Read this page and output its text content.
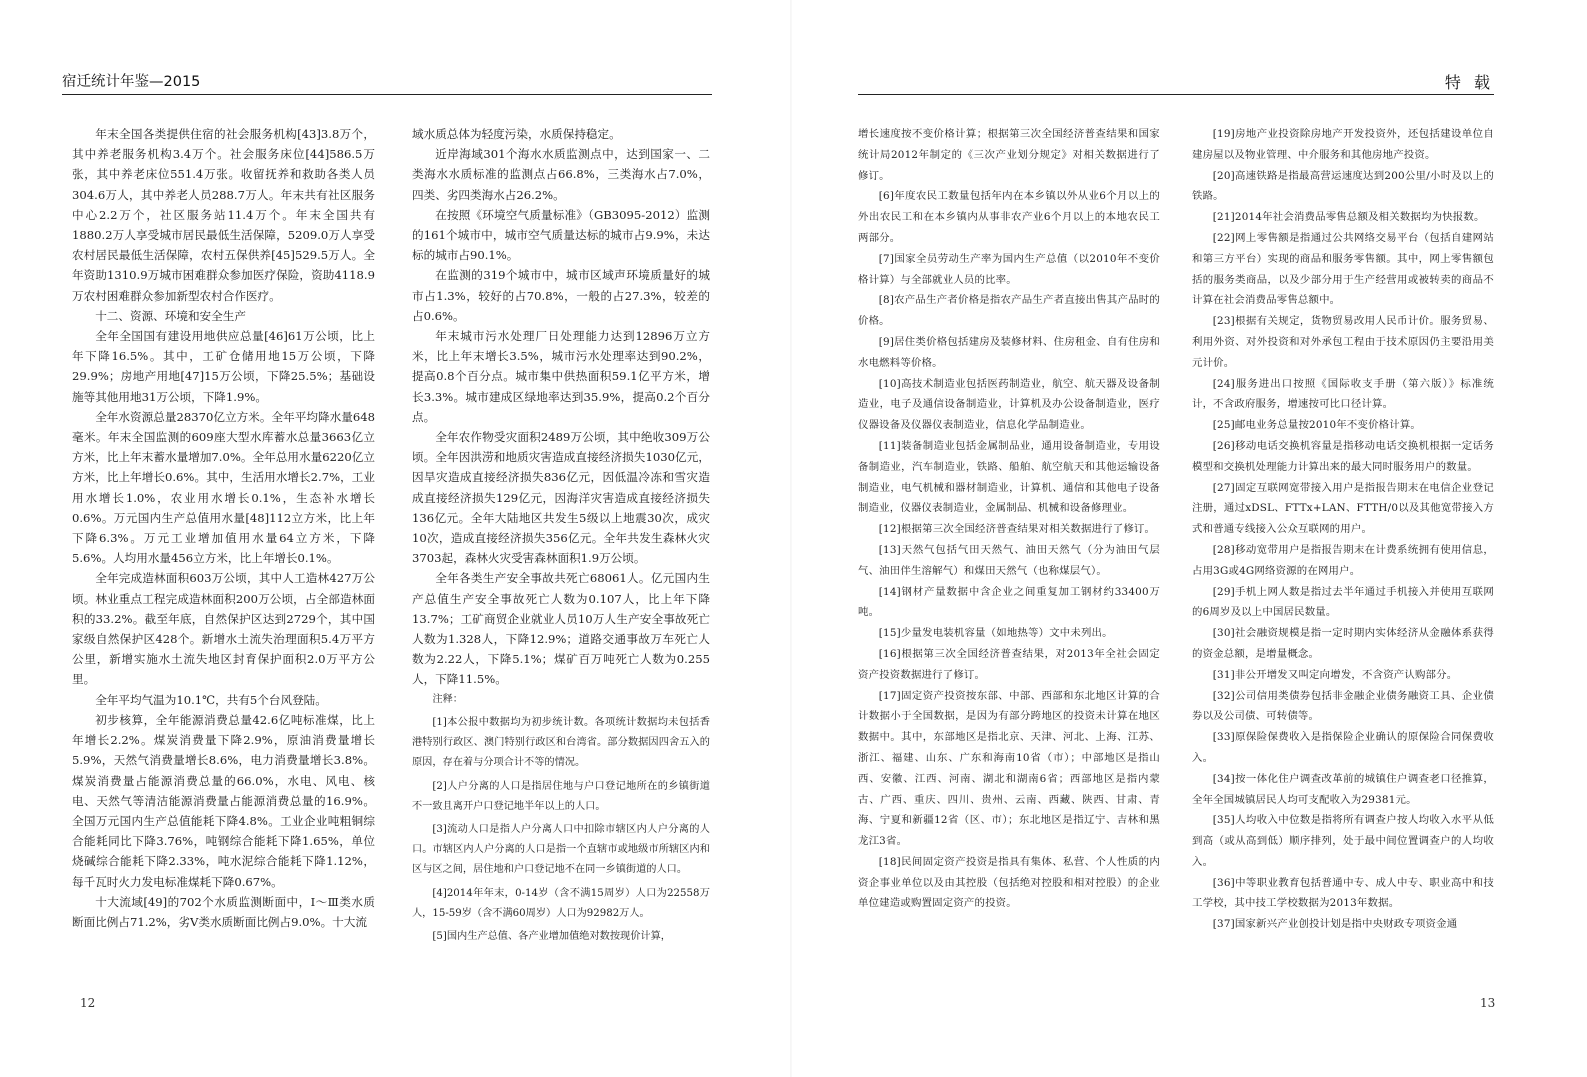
宿迁统计年鉴—2015

年末全国各类提供住宿的社会服务机构[43]3.8万个，其中养老服务机构3.4万个。社会服务床位[44]586.5万张，其中养老床位551.4万张。收留抚养和救助各类人员304.6万人，其中养老人员288.7万人。年末共有社区服务中心2.2万个，社区服务站11.4万个。年末全国共有1880.2万人享受城市居民最低生活保障，5209.0万人享受农村居民最低生活保障，农村五保供养[45]529.5万人。全年资助1310.9万城市困难群众参加医疗保险，资助4118.9万农村困难群众参加新型农村合作医疗。

十二、资源、环境和安全生产

全年全国国有建设用地供应总量[46]61万公顷，比上年下降16.5%。其中，工矿仓储用地15万公顷，下降29.9%；房地产用地[47]15万公顷，下降25.5%；基础设施等其他用地31万公顷，下降1.9%。

全年水资源总量28370亿立方米。全年平均降水量648毫米。年末全国监测的609座大型水库蓄水总量3663亿立方米，比上年末蓄水量增加7.0%。全年总用水量6220亿立方米，比上年增长0.6%。其中，生活用水增长2.7%，工业用水增长1.0%，农业用水增长0.1%，生态补水增长0.6%。万元国内生产总值用水量[48]112立方米，比上年下降6.3%。万元工业增加值用水量64立方米，下降5.6%。人均用水量456立方米，比上年增长0.1%。

全年完成造林面积603万公顷，其中人工造林427万公顷。林业重点工程完成造林面积200万公顷，占全部造林面积的33.2%。截至年底，自然保护区达到2729个，其中国家级自然保护区428个。新增水土流失治理面积5.4万平方公里，新增实施水土流失地区封育保护面积2.0万平方公里。

全年平均气温为10.1℃，共有5个台风登陆。

初步核算，全年能源消费总量42.6亿吨标准煤，比上年增长2.2%。煤炭消费量下降2.9%，原油消费量增长5.9%，天然气消费量增长8.6%，电力消费量增长3.8%。煤炭消费量占能源消费总量的66.0%，水电、风电、核电、天然气等清洁能源消费量占能源消费总量的16.9%。全国万元国内生产总值能耗下降4.8%。工业企业吨粗铜综合能耗同比下降3.76%，吨钢综合能耗下降1.65%，单位烧碱综合能耗下降2.33%，吨水泥综合能耗下降1.12%，每千瓦时火力发电标准煤耗下降0.67%。

十大流域[49]的702个水质监测断面中，Ⅰ～Ⅲ类水质断面比例占71.2%，劣Ⅴ类水质断面比例占9.0%。十大流

域水质总体为轻度污染，水质保持稳定。

近岸海域301个海水水质监测点中，达到国家一、二类海水水质标准的监测点占66.8%，三类海水占7.0%，四类、劣四类海水占26.2%。

在按照《环境空气质量标准》（GB3095-2012）监测的161个城市中，城市空气质量达标的城市占9.9%，未达标的城市占90.1%。

在监测的319个城市中，城市区域声环境质量好的城市占1.3%，较好的占70.8%，一般的占27.3%，较差的占0.6%。

年末城市污水处理厂日处理能力达到12896万立方米，比上年末增长3.5%，城市污水处理率达到90.2%，提高0.8个百分点。城市集中供热面积59.1亿平方米，增长3.3%。城市建成区绿地率达到35.9%，提高0.2个百分点。

全年农作物受灾面积2489万公顷，其中绝收309万公顷。全年因洪涝和地质灾害造成直接经济损失1030亿元，因旱灾造成直接经济损失836亿元，因低温冷冻和雪灾造成直接经济损失129亿元，因海洋灾害造成直接经济损失136亿元。全年大陆地区共发生5级以上地震30次，成灾10次，造成直接经济损失356亿元。全年共发生森林火灾3703起，森林火灾受害森林面积1.9万公顷。

全年各类生产安全事故共死亡68061人。亿元国内生产总值生产安全事故死亡人数为0.107人，比上年下降13.7%；工矿商贸企业就业人员10万人生产安全事故死亡人数为1.328人，下降12.9%；道路交通事故万车死亡人数为2.22人，下降5.1%；煤矿百万吨死亡人数为0.255人，下降11.5%。

注释：

[1]本公报中数据均为初步统计数。各项统计数据均未包括香港特别行政区、澳门特别行政区和台湾省。部分数据因四舍五入的原因，存在着与分项合计不等的情况。

[2]人户分离的人口是指居住地与户口登记地所在的乡镇街道不一致且离开户口登记地半年以上的人口。

[3]流动人口是指人户分离人口中扣除市辖区内人户分离的人口。市辖区内人户分离的人口是指一个直辖市或地级市所辖区内和区与区之间，居住地和户口登记地不在同一乡镇街道的人口。

[4]2014年年末，0-14岁（含不满15周岁）人口为22558万人，15-59岁（含不满60周岁）人口为92982万人。

[5]国内生产总值、各产业增加值绝对数按现价计算，

12
特 载

增长速度按不变价格计算；根据第三次全国经济普查结果和国家统计局2012年制定的《三次产业划分规定》对相关数据进行了修订。

[6]年度农民工数量包括年内在本乡镇以外从业6个月以上的外出农民工和在本乡镇内从事非农产业6个月以上的本地农民工两部分。

[7]国家全员劳动生产率为国内生产总值（以2010年不变价格计算）与全部就业人员的比率。

[8]农产品生产者价格是指农产品生产者直接出售其产品时的价格。

[9]居住类价格包括建房及装修材料、住房租金、自有住房和水电燃料等价格。

[10]高技术制造业包括医药制造业，航空、航天器及设备制造业，电子及通信设备制造业，计算机及办公设备制造业，医疗仪器设备及仪器仪表制造业，信息化学品制造业。

[11]装备制造业包括金属制品业，通用设备制造业，专用设备制造业，汽车制造业，铁路、船舶、航空航天和其他运输设备制造业，电气机械和器材制造业，计算机、通信和其他电子设备制造业，仪器仪表制造业，金属制品、机械和设备修理业。

[12]根据第三次全国经济普查结果对相关数据进行了修订。

[13]天然气包括气田天然气、油田天然气（分为油田气层气、油田伴生溶解气）和煤田天然气（也称煤层气）。

[14]钢材产量数据中含企业之间重复加工钢材约33400万吨。

[15]少量发电装机容量（如地热等）文中未列出。

[16]根据第三次全国经济普查结果，对2013年全社会固定资产投资数据进行了修订。

[17]固定资产投资按东部、中部、西部和东北地区计算的合计数据小于全国数据，是因为有部分跨地区的投资未计算在地区数据中。其中，东部地区是指北京、天津、河北、上海、江苏、浙江、福建、山东、广东和海南10省（市）；中部地区是指山西、安徽、江西、河南、湖北和湖南6省；西部地区是指内蒙古、广西、重庆、四川、贵州、云南、西藏、陕西、甘肃、青海、宁夏和新疆12省（区、市）；东北地区是指辽宁、吉林和黑龙江3省。

[18]民间固定资产投资是指具有集体、私营、个人性质的内资企事业单位以及由其控股（包括绝对控股和相对控股）的企业单位建造或购置固定资产的投资。

[19]房地产业投资除房地产开发投资外，还包括建设单位自建房屋以及物业管理、中介服务和其他房地产投资。

[20]高速铁路是指最高营运速度达到200公里/小时及以上的铁路。

[21]2014年社会消费品零售总额及相关数据均为快报数。

[22]网上零售额是指通过公共网络交易平台（包括自建网站和第三方平台）实现的商品和服务零售额。其中，网上零售额包括的服务类商品，以及少部分用于生产经营用或被转卖的商品不计算在社会消费品零售总额中。

[23]根据有关规定，货物贸易改用人民币计价。服务贸易、利用外资、对外投资和对外承包工程由于技术原因仍主要沿用美元计价。

[24]服务进出口按照《国际收支手册（第六版）》标准统计，不含政府服务，增速按可比口径计算。

[25]邮电业务总量按2010年不变价格计算。

[26]移动电话交换机容量是指移动电话交换机根据一定话务模型和交换机处理能力计算出来的最大同时服务用户的数量。

[27]固定互联网宽带接入用户是指报告期末在电信企业登记注册，通过xDSL、FTTx+LAN、FTTH/0以及其他宽带接入方式和普通专线接入公众互联网的用户。

[28]移动宽带用户是指报告期末在计费系统拥有使用信息，占用3G或4G网络资源的在网用户。

[29]手机上网人数是指过去半年通过手机接入并使用互联网的6周岁及以上中国居民数量。

[30]社会融资规模是指一定时期内实体经济从金融体系获得的资金总额，是增量概念。

[31]非公开增发又叫定向增发，不含资产认购部分。

[32]公司信用类债券包括非金融企业债务融资工具、企业债券以及公司债、可转债等。

[33]原保险保费收入是指保险企业确认的原保险合同保费收入。

[34]按一体化住户调查改革前的城镇住户调查老口径推算，全年全国城镇居民人均可支配收入为29381元。

[35]人均收入中位数是指将所有调查户按人均收入水平从低到高（或从高到低）顺序排列，处于最中间位置调查户的人均收入。

[36]中等职业教育包括普通中专、成人中专、职业高中和技工学校，其中技工学校数据为2013年数据。

[37]国家新兴产业创投计划是指中央财政专项资金通

13
